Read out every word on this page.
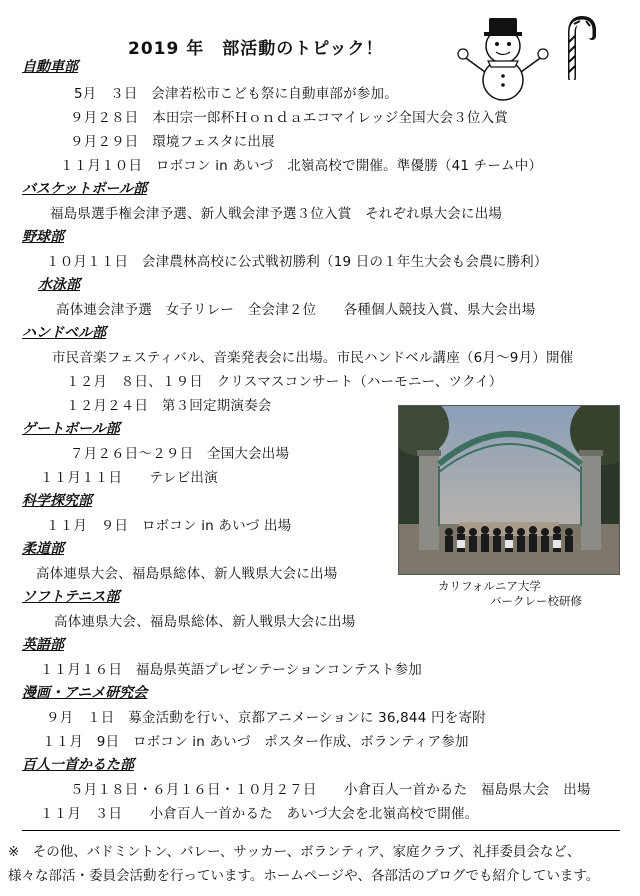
2019 年　部活動のトピック！
自動車部
5月　３日　会津若松市こども祭に自動車部が参加。
９月２８日　本田宗一郎杯Ｈｏｎｄａエコマイレッジ全国大会３位入賞
９月２９日　環境フェスタに出展
１１月１０日　ロボコン in あいづ　北嶺高校で開催。準優勝（41 チーム中）
バスケットボール部
福島県選手権会津予選、新人戦会津予選３位入賞　それぞれ県大会に出場
野球部
１０月１１日　会津農林高校に公式戦初勝利（19 日の１年生大会も会農に勝利）
水泳部
高体連会津予選　女子リレー　全会津２位　　各種個人競技入賞、県大会出場
ハンドベル部
市民音楽フェスティバル、音楽発表会に出場。市民ハンドベル講座（6月～9月）開催
１２月　８日、１９日　クリスマスコンサート（ハーモニー、ツクイ）
１２月２４日　第３回定期演奏会
ゲートボール部
７月２６日～２９日　全国大会出場
１１月１１日　　テレビ出演
科学探究部
１１月　９日　ロボコン in あいづ 出場
柔道部
高体連県大会、福島県総体、新人戦県大会に出場
ソフトテニス部
高体連県大会、福島県総体、新人戦県大会に出場
英語部
１１月１６日　福島県英語プレゼンテーションコンテスト参加
漫画・アニメ研究会
９月　１日　募金活動を行い、京都アニメーションに 36,844 円を寄附
１１月　9日　ロボコン in あいづ　ポスター作成、ボランティア参加
百人一首かるた部
５月１８日・６月１６日・１０月２７日　　小倉百人一首かるた　福島県大会　出場
１１月　３日　　小倉百人一首かるた　あいづ大会を北嶺高校で開催。
カリフォルニア大学
バークレー校研修
※　その他、バドミントン、バレー、サッカー、ボランティア、家庭クラブ、礼拝委員会など、
様々な部活・委員会活動を行っています。ホームページや、各部活のブログでも紹介しています。
